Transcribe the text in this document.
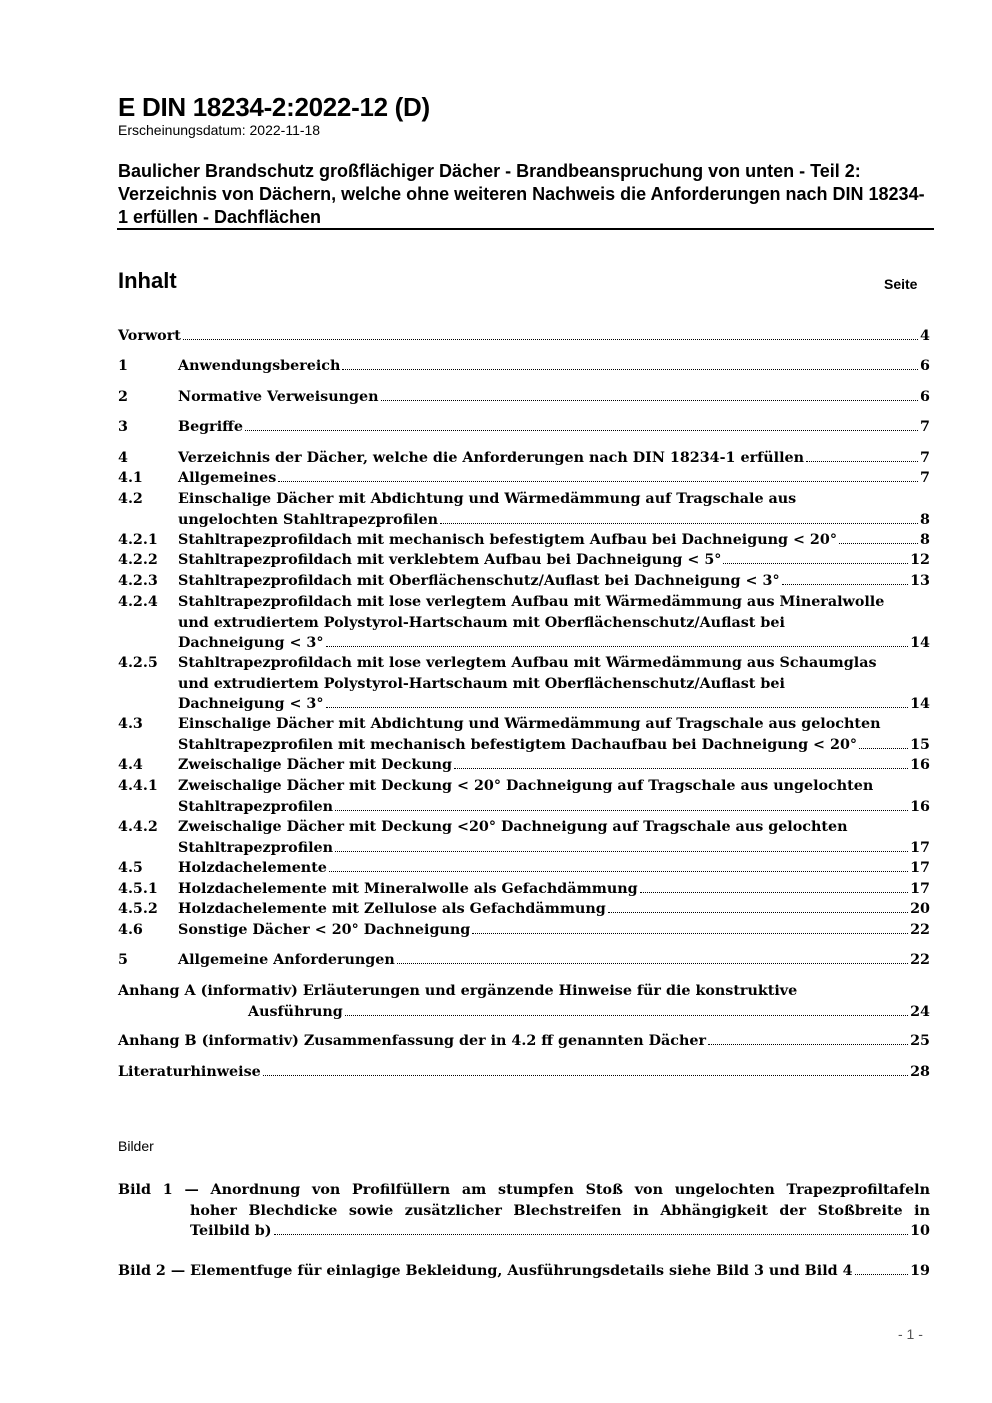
E DIN 18234-2:2022-12 (D)

Erscheinungsdatum: 2022-11-18

Baulicher Brandschutz großflächiger Dächer - Brandbeanspruchung von unten - Teil 2: Verzeichnis von Dächern, welche ohne weiteren Nachweis die Anforderungen nach DIN 18234-1 erfüllen - Dachflächen
Inhalt	Seite

Vorwort	4
1	Anwendungsbereich	6
2	Normative Verweisungen	6
3	Begriffe	7
4	Verzeichnis der Dächer, welche die Anforderungen nach DIN 18234-1 erfüllen	7
4.1 Allgemeines	7
4.2 Einschalige Dächer mit Abdichtung und Wärmedämmung auf Tragschale aus
ungelochten Stahltrapezprofilen	8
4.2.1 Stahltrapezprofildach mit mechanisch befestigtem Aufbau bei Dachneigung < 20°	8
4.2.2 Stahltrapezprofildach mit verklebtem Aufbau bei Dachneigung < 5°	12
4.2.3 Stahltrapezprofildach mit Oberflächenschutz/Auflast bei Dachneigung < 3°	13
4.2.4 Stahltrapezprofildach mit lose verlegtem Aufbau mit Wärmedämmung aus Mineralwolle
und extrudiertem Polystyrol-Hartschaum mit Oberflächenschutz/Auflast bei
Dachneigung < 3°	14
4.2.5 Stahltrapezprofildach mit lose verlegtem Aufbau mit Wärmedämmung aus Schaumglas
und extrudiertem Polystyrol-Hartschaum mit Oberflächenschutz/Auflast bei
Dachneigung < 3°	14
4.3 Einschalige Dächer mit Abdichtung und Wärmedämmung auf Tragschale aus gelochten
Stahltrapezprofilen mit mechanisch befestigtem Dachaufbau bei Dachneigung < 20°	15
4.4 Zweischalige Dächer mit Deckung	16
4.4.1 Zweischalige Dächer mit Deckung < 20° Dachneigung auf Tragschale aus ungelochten
Stahltrapezprofilen	16
4.4.2 Zweischalige Dächer mit Deckung <20° Dachneigung auf Tragschale aus gelochten
Stahltrapezprofilen	17
4.5 Holzdachelemente	17
4.5.1 Holzdachelemente mit Mineralwolle als Gefachdämmung	17
4.5.2 Holzdachelemente mit Zellulose als Gefachdämmung	20
4.6 Sonstige Dächer < 20° Dachneigung	22
5	Allgemeine Anforderungen	22
Anhang A (informativ) Erläuterungen und ergänzende Hinweise für die konstruktive
Ausführung	24
Anhang B (informativ) Zusammenfassung der in 4.2 ff genannten Dächer	25
Literaturhinweise	28

Bilder

Bild 1 — Anordnung von Profilfüllern am stumpfen Stoß von ungelochten Trapezprofiltafeln
hoher Blechdicke sowie zusätzlicher Blechstreifen in Abhängigkeit der Stoßbreite in
Teilbild b)	10
Bild 2 — Elementfuge für einlagige Bekleidung, Ausführungsdetails siehe Bild 3 und Bild 4	19

- 1 -
